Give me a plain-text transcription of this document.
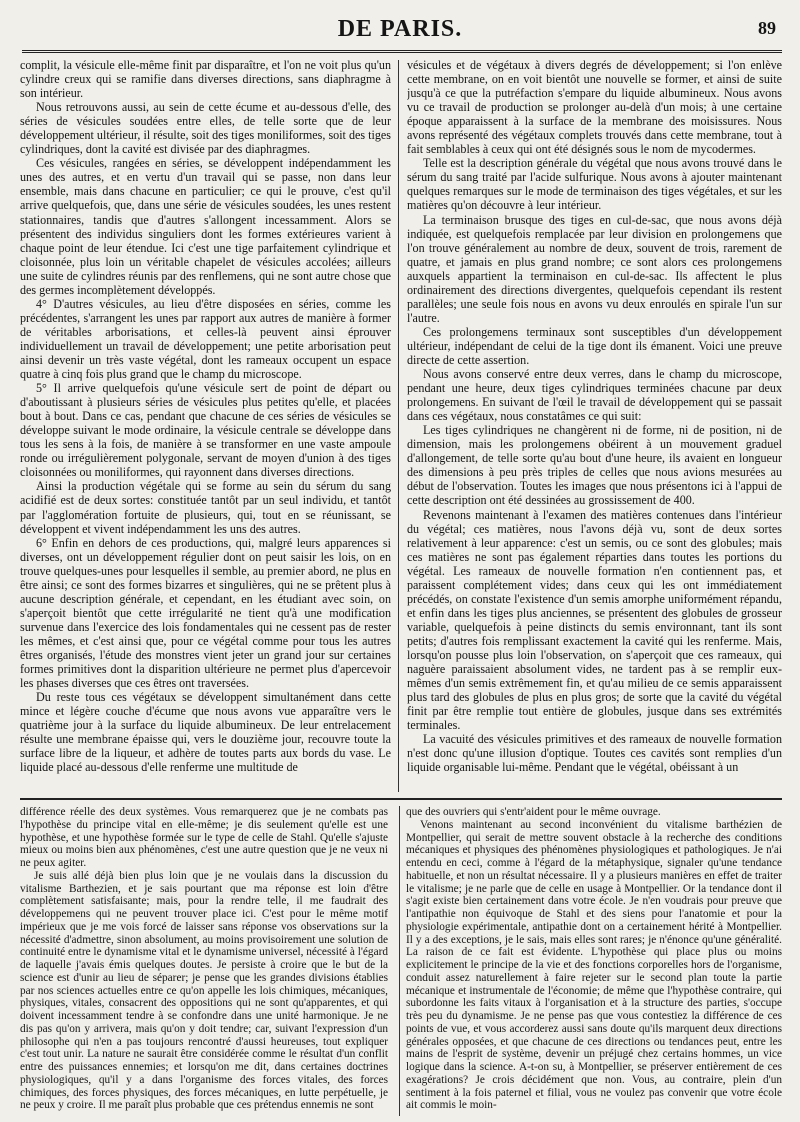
DE PARIS.	89

complit, la vésicule elle-même finit par disparaître, et l'on ne voit plus qu'un cylindre creux qui se ramifie dans diverses directions, sans diaphragme à son intérieur.

Nous retrouvons aussi, au sein de cette écume et au-dessous d'elle, des séries de vésicules soudées entre elles, de telle sorte que de leur développement ultérieur, il résulte, soit des tiges moniliformes, soit des tiges cylindriques, dont la cavité est divisée par des diaphragmes.

Ces vésicules, rangées en séries, se développent indépendamment les unes des autres, et en vertu d'un travail qui se passe, non dans leur ensemble, mais dans chacune en particulier; ce qui le prouve, c'est qu'il arrive quelquefois, que, dans une série de vésicules soudées, les unes restent stationnaires, tandis que d'autres s'allongent incessamment. Alors se présentent des individus singuliers dont les formes extérieures varient à chaque point de leur étendue. Ici c'est une tige parfaitement cylindrique et cloisonnée, plus loin un véritable chapelet de vésicules accolées; ailleurs une suite de cylindres réunis par des renflemens, qui ne sont autre chose que des germes incomplètement développés.

4° D'autres vésicules, au lieu d'être disposées en séries, comme les précédentes, s'arrangent les unes par rapport aux autres de manière à former de véritables arborisations, et celles-là peuvent ainsi éprouver individuellement un travail de développement; une petite arborisation peut ainsi devenir un très vaste végétal, dont les rameaux occupent un espace quatre à cinq fois plus grand que le champ du microscope.

5° Il arrive quelquefois qu'une vésicule sert de point de départ ou d'aboutissant à plusieurs séries de vésicules plus petites qu'elle, et placées bout à bout. Dans ce cas, pendant que chacune de ces séries de vésicules se développe suivant le mode ordinaire, la vésicule centrale se développe dans tous les sens à la fois, de manière à se transformer en une vaste ampoule ronde ou irrégulièrement polygonale, servant de moyen d'union à des tiges cloisonnées ou moniliformes, qui rayonnent dans diverses directions.

Ainsi la production végétale qui se forme au sein du sérum du sang acidifié est de deux sortes: constituée tantôt par un seul individu, et tantôt par l'agglomération fortuite de plusieurs, qui, tout en se réunissant, se développent et vivent indépendamment les uns des autres.

6° Enfin en dehors de ces productions, qui, malgré leurs apparences si diverses, ont un développement régulier dont on peut saisir les lois, on en trouve quelques-unes pour lesquelles il semble, au premier abord, ne plus en être ainsi; ce sont des formes bizarres et singulières, qui ne se prêtent plus à aucune description générale, et cependant, en les étudiant avec soin, on s'aperçoit bientôt que cette irrégularité ne tient qu'à une modification survenue dans l'exercice des lois fondamentales qui ne cessent pas de rester les mêmes, et c'est ainsi que, pour ce végétal comme pour tous les autres êtres organisés, l'étude des monstres vient jeter un grand jour sur certaines formes primitives dont la disparition ultérieure ne permet plus d'apercevoir les phases diverses que ces êtres ont traversées.

Du reste tous ces végétaux se développent simultanément dans cette mince et légère couche d'écume que nous avons vue apparaître vers le quatrième jour à la surface du liquide albumineux. De leur entrelacement résulte une membrane épaisse qui, vers le douzième jour, recouvre toute la surface libre de la liqueur, et adhère de toutes parts aux bords du vase. Le liquide placé au-dessous d'elle renferme une multitude de

vésicules et de végétaux à divers degrés de développement; si l'on enlève cette membrane, on en voit bientôt une nouvelle se former, et ainsi de suite jusqu'à ce que la putréfaction s'empare du liquide albumineux. Nous avons vu ce travail de production se prolonger au-delà d'un mois; à une certaine époque apparaissent à la surface de la membrane des moisissures. Nous avons représenté des végétaux complets trouvés dans cette membrane, tout à fait semblables à ceux qui ont été désignés sous le nom de mycodermes.

Telle est la description générale du végétal que nous avons trouvé dans le sérum du sang traité par l'acide sulfurique. Nous avons à ajouter maintenant quelques remarques sur le mode de terminaison des tiges végétales, et sur les matières qu'on découvre à leur intérieur.

La terminaison brusque des tiges en cul-de-sac, que nous avons déjà indiquée, est quelquefois remplacée par leur division en prolongemens que l'on trouve généralement au nombre de deux, souvent de trois, rarement de quatre, et jamais en plus grand nombre; ce sont alors ces prolongemens auxquels appartient la terminaison en cul-de-sac. Ils affectent le plus ordinairement des directions divergentes, quelquefois cependant ils restent parallèles; une seule fois nous en avons vu deux enroulés en spirale l'un sur l'autre.

Ces prolongemens terminaux sont susceptibles d'un développement ultérieur, indépendant de celui de la tige dont ils émanent. Voici une preuve directe de cette assertion.

Nous avons conservé entre deux verres, dans le champ du microscope, pendant une heure, deux tiges cylindriques terminées chacune par deux prolongemens. En suivant de l'œil le travail de développement qui se passait dans ces végétaux, nous constatâmes ce qui suit:

Les tiges cylindriques ne changèrent ni de forme, ni de position, ni de dimension, mais les prolongemens obéirent à un mouvement graduel d'allongement, de telle sorte qu'au bout d'une heure, ils avaient en longueur des dimensions à peu près triples de celles que nous avions mesurées au début de l'observation. Toutes les images que nous présentons ici à l'appui de cette description ont été dessinées au grossissement de 400.

Revenons maintenant à l'examen des matières contenues dans l'intérieur du végétal; ces matières, nous l'avons déjà vu, sont de deux sortes relativement à leur apparence: c'est un semis, ou ce sont des globules; mais ces matières ne sont pas également réparties dans toutes les portions du végétal. Les rameaux de nouvelle formation n'en contiennent pas, et paraissent complétement vides; dans ceux qui les ont immédiatement précédés, on constate l'existence d'un semis amorphe uniformément répandu, et enfin dans les tiges plus anciennes, se présentent des globules de grosseur variable, quelquefois à peine distincts du semis environnant, tant ils sont petits; d'autres fois remplissant exactement la cavité qui les renferme. Mais, lorsqu'on pousse plus loin l'observation, on s'aperçoit que ces rameaux, qui naguère paraissaient absolument vides, ne tardent pas à se remplir eux-mêmes d'un semis extrêmement fin, et qu'au milieu de ce semis apparaissent plus tard des globules de plus en plus gros; de sorte que la cavité du végétal finit par être remplie tout entière de globules, jusque dans ses extrémités terminales.

La vacuité des vésicules primitives et des rameaux de nouvelle formation n'est donc qu'une illusion d'optique. Toutes ces cavités sont remplies d'un liquide organisable lui-même. Pendant que le végétal, obéissant à un

différence réelle des deux systèmes. Vous remarquerez que je ne combats pas l'hypothèse du principe vital en elle-même; je dis seulement qu'elle est une hypothèse, et une hypothèse formée sur le type de celle de Stahl. Qu'elle s'ajuste mieux ou moins bien aux phénomènes, c'est une autre question que je ne veux ni ne peux agiter.

Je suis allé déjà bien plus loin que je ne voulais dans la discussion du vitalisme Barthezien, et je sais pourtant que ma réponse est loin d'être complètement satisfaisante; mais, pour la rendre telle, il me faudrait des développemens qui ne peuvent trouver place ici. C'est pour le même motif impérieux que je me vois forcé de laisser sans réponse vos observations sur la nécessité d'admettre, sinon absolument, au moins provisoirement une solution de continuité entre le dynamisme vital et le dynamisme universel, nécessité à l'égard de laquelle j'avais émis quelques doutes. Je persiste à croire que le but de la science est d'unir au lieu de séparer; je pense que les grandes divisions établies par nos sciences actuelles entre ce qu'on appelle les lois chimiques, mécaniques, physiques, vitales, consacrent des oppositions qui ne sont qu'apparentes, et qui doivent incessamment tendre à se confondre dans une unité harmonique. Je ne dis pas qu'on y arrivera, mais qu'on y doit tendre; car, suivant l'expression d'un philosophe qui n'en a pas toujours rencontré d'aussi heureuses, tout expliquer c'est tout unir. La nature ne saurait être considérée comme le résultat d'un conflit entre des puissances ennemies; et lorsqu'on me dit, dans certaines doctrines physiologiques, qu'il y a dans l'organisme des forces vitales, des forces chimiques, des forces physiques, des forces mécaniques, en lutte perpétuelle, je ne peux y croire. Il me paraît plus probable que ces prétendus ennemis ne sont

que des ouvriers qui s'entr'aident pour le même ouvrage.

Venons maintenant au second inconvénient du vitalisme barthézien de Montpellier, qui serait de mettre souvent obstacle à la recherche des conditions mécaniques et physiques des phénomènes physiologiques et pathologiques. Je n'ai entendu en ceci, comme à l'égard de la métaphysique, signaler qu'une tendance habituelle, et non un résultat nécessaire. Il y a plusieurs manières en effet de traiter le vitalisme; je ne parle que de celle en usage à Montpellier. Or la tendance dont il s'agit existe bien certainement dans votre école. Je n'en voudrais pour preuve que l'antipathie non équivoque de Stahl et des siens pour l'anatomie et pour la physiologie expérimentale, antipathie dont on a certainement hérité à Montpellier. Il y a des exceptions, je le sais, mais elles sont rares; je n'énonce qu'une généralité. La raison de ce fait est évidente. L'hypothèse qui place plus ou moins explicitement le principe de la vie et des fonctions corporelles hors de l'organisme, conduit assez naturellement à faire rejeter sur le second plan toute la partie mécanique et instrumentale de l'économie; de même que l'hypothèse contraire, qui subordonne les faits vitaux à l'organisation et à la structure des parties, s'occupe très peu du dynamisme. Je ne pense pas que vous contestiez la différence de ces points de vue, et vous accorderez aussi sans doute qu'ils marquent deux directions générales opposées, et que chacune de ces directions ou tendances peut, entre les mains de l'esprit de système, devenir un préjugé chez certains hommes, un vice logique dans la science. A-t-on su, à Montpellier, se préserver entièrement de ces exagérations? Je crois décidément que non. Vous, au contraire, plein d'un sentiment à la fois paternel et filial, vous ne voulez pas convenir que votre école ait commis le moin-
